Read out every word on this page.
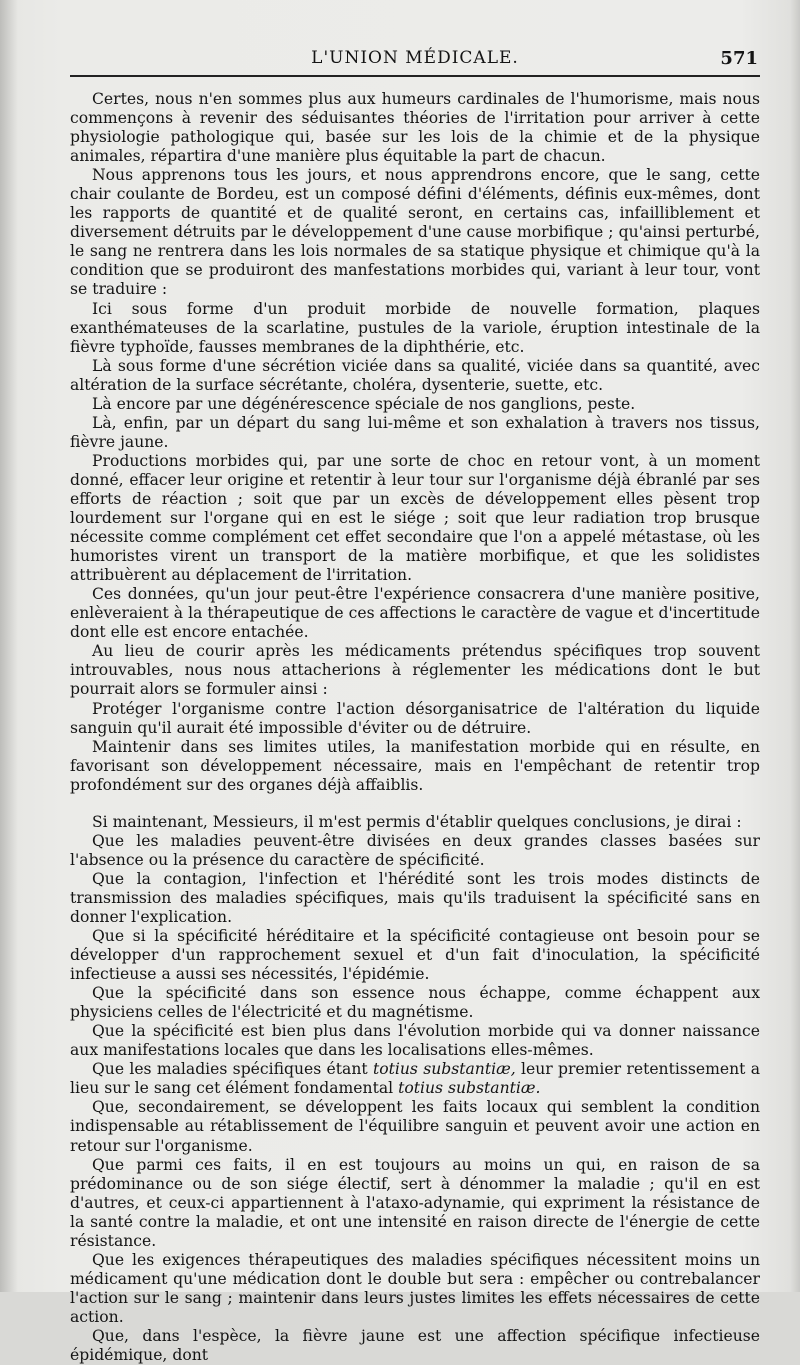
L'UNION MÉDICALE.	571

Certes, nous n'en sommes plus aux humeurs cardinales de l'humorisme, mais nous commençons à revenir des séduisantes théories de l'irritation pour arriver à cette physiologie pathologique qui, basée sur les lois de la chimie et de la physique animales, répartira d'une manière plus équitable la part de chacun.

Nous apprenons tous les jours, et nous apprendrons encore, que le sang, cette chair coulante de Bordeu, est un composé défini d'éléments, définis eux-mêmes, dont les rapports de quantité et de qualité seront, en certains cas, infailliblement et diversement détruits par le développement d'une cause morbifique ; qu'ainsi perturbé, le sang ne rentrera dans les lois normales de sa statique physique et chimique qu'à la condition que se produiront des manfestations morbides qui, variant à leur tour, vont se traduire :

Ici sous forme d'un produit morbide de nouvelle formation, plaques exanthémateuses de la scarlatine, pustules de la variole, éruption intestinale de la fièvre typhoïde, fausses membranes de la diphthérie, etc.

Là sous forme d'une sécrétion viciée dans sa qualité, viciée dans sa quantité, avec altération de la surface sécrétante, choléra, dysenterie, suette, etc.

Là encore par une dégénérescence spéciale de nos ganglions, peste.

Là, enfin, par un départ du sang lui-même et son exhalation à travers nos tissus, fièvre jaune.

Productions morbides qui, par une sorte de choc en retour vont, à un moment donné, effacer leur origine et retentir à leur tour sur l'organisme déjà ébranlé par ses efforts de réaction ; soit que par un excès de développement elles pèsent trop lourdement sur l'organe qui en est le siége ; soit que leur radiation trop brusque nécessite comme complément cet effet secondaire que l'on a appelé métastase, où les humoristes virent un transport de la matière morbifique, et que les solidistes attribuèrent au déplacement de l'irritation.

Ces données, qu'un jour peut-être l'expérience consacrera d'une manière positive, enlèveraient à la thérapeutique de ces affections le caractère de vague et d'incertitude dont elle est encore entachée.

Au lieu de courir après les médicaments prétendus spécifiques trop souvent introuvables, nous nous attacherions à réglementer les médications dont le but pourrait alors se formuler ainsi :

Protéger l'organisme contre l'action désorganisatrice de l'altération du liquide sanguin qu'il aurait été impossible d'éviter ou de détruire.

Maintenir dans ses limites utiles, la manifestation morbide qui en résulte, en favorisant son développement nécessaire, mais en l'empêchant de retentir trop profondément sur des organes déjà affaiblis.

Si maintenant, Messieurs, il m'est permis d'établir quelques conclusions, je dirai :

Que les maladies peuvent-être divisées en deux grandes classes basées sur l'absence ou la présence du caractère de spécificité.

Que la contagion, l'infection et l'hérédité sont les trois modes distincts de transmission des maladies spécifiques, mais qu'ils traduisent la spécificité sans en donner l'explication.

Que si la spécificité héréditaire et la spécificité contagieuse ont besoin pour se développer d'un rapprochement sexuel et d'un fait d'inoculation, la spécificité infectieuse a aussi ses nécessités, l'épidémie.

Que la spécificité dans son essence nous échappe, comme échappent aux physiciens celles de l'électricité et du magnétisme.

Que la spécificité est bien plus dans l'évolution morbide qui va donner naissance aux manifestations locales que dans les localisations elles-mêmes.

Que les maladies spécifiques étant totius substantiæ, leur premier retentissement a lieu sur le sang cet élément fondamental totius substantiæ.

Que, secondairement, se développent les faits locaux qui semblent la condition indispensable au rétablissement de l'équilibre sanguin et peuvent avoir une action en retour sur l'organisme.

Que parmi ces faits, il en est toujours au moins un qui, en raison de sa prédominance ou de son siége électif, sert à dénommer la maladie ; qu'il en est d'autres, et ceux-ci appartiennent à l'ataxo-adynamie, qui expriment la résistance de la santé contre la maladie, et ont une intensité en raison directe de l'énergie de cette résistance.

Que les exigences thérapeutiques des maladies spécifiques nécessitent moins un médicament qu'une médication dont le double but sera : empêcher ou contrebalancer l'action sur le sang ; maintenir dans leurs justes limites les effets nécessaires de cette action.

Que, dans l'espèce, la fièvre jaune est une affection spécifique infectieuse épidémique, dont
